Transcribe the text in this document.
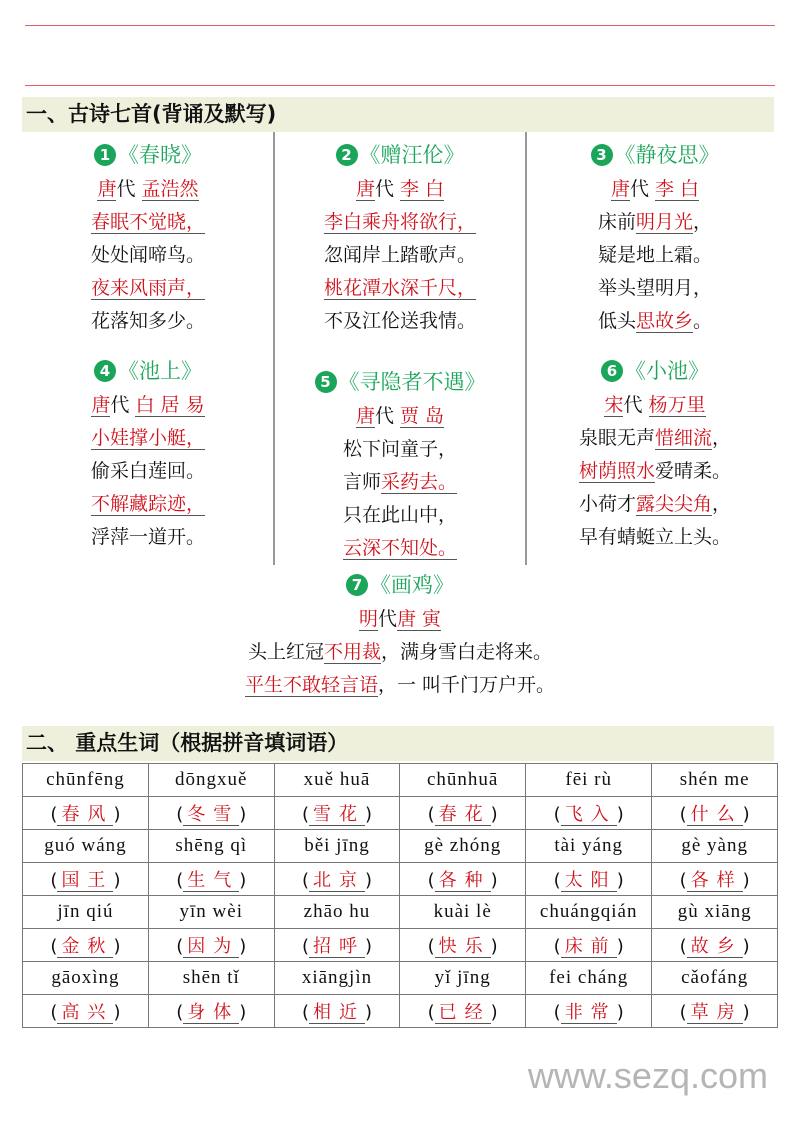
一、古诗七首(背诵及默写)
1 《春晓》
唐代 孟浩然
春眠不觉晓，
处处闻啼鸟。
夜来风雨声，
花落知多少。
2 《赠汪伦》
唐代 李 白
李白乘舟将欲行，
忽闻岸上踏歌声。
桃花潭水深千尺，
不及江伦送我情。
3 《静夜思》
唐代 李 白
床前明月光，
疑是地上霜。
举头望明月，
低头思故乡。
4 《池上》
唐代 白 居 易
小娃撑小艇，
偷采白莲回。
不解藏踪迹，
浮萍一道开。
5 《寻隐者不遇》
唐代 贾 岛
松下问童子，
言师采药去。
只在此山中，
云深不知处。
6 《小池》
宋代 杨万里
泉眼无声惜细流，
树荫照水爱晴柔。
小荷才露尖尖角，
早有蜻蜓立上头。
7 《画鸡》
明代唐 寅
头上红冠不用裁，满身雪白走将来。
平生不敢轻言语，一 叫千门万户开。
二、 重点生词（根据拼音填词语）
chūnfēng	dōngxuě	xuě huā	chūnhuā	fēi rù	shén me
( 春风)	( 冬雪)	( 雪花)	( 春花)	( 飞入)	( 什么)
guó wáng	shēng qì	běi jīng	gè zhóng	tài yáng	gè yàng
( 国王)	( 生气)	( 北京)	( 各种)	( 太阳)	( 各样)
jīn qiú	yīn wèi	zhāo hu	kuài lè	chuángqián	gù xiāng
( 金秋)	( 因为)	( 招呼)	( 快乐)	( 床前)	( 故乡)
gāoxìng	shēn tǐ	xiāngjìn	yǐ jīng	fei cháng	cǎofáng
( 高兴)	( 身体)	( 相近)	( 已经)	( 非常)	( 草房)
www.sezq.com
